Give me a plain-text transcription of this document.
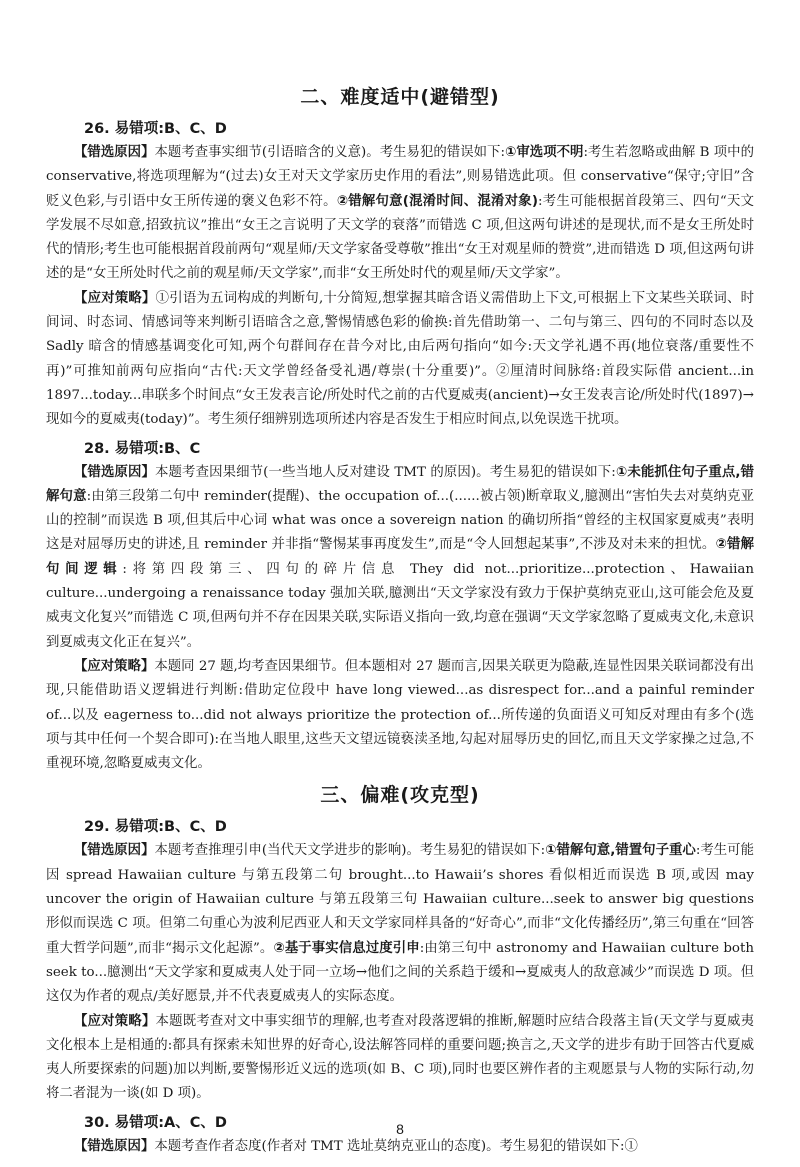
二、难度适中(避错型)

26. 易错项:B、C、D

【错选原因】本题考查事实细节(引语暗含的义意)。考生易犯的错误如下:①审选项不明:考生若忽略或曲解 B 项中的 conservative,将选项理解为“(过去)女王对天文学家历史作用的看法”,则易错选此项。但 conservative“保守;守旧”含贬义色彩,与引语中女王所传递的褒义色彩不符。②错解句意(混淆时间、混淆对象):考生可能根据首段第三、四句“天文学发展不尽如意,招致抗议”推出“女王之言说明了天文学的衰落”而错选 C 项,但这两句讲述的是现状,而不是女王所处时代的情形;考生也可能根据首段前两句“观星师/天文学家备受尊敬”推出“女王对观星师的赞赏”,进而错选 D 项,但这两句讲述的是“女王所处时代之前的观星师/天文学家”,而非“女王所处时代的观星师/天文学家”。

【应对策略】①引语为五词构成的判断句,十分简短,想掌握其暗含语义需借助上下文,可根据上下文某些关联词、时间词、时态词、情感词等来判断引语暗含之意,警惕情感色彩的偷换:首先借助第一、二句与第三、四句的不同时态以及 Sadly 暗含的情感基调变化可知,两个句群间存在昔今对比,由后两句指向“如今:天文学礼遇不再(地位衰落/重要性不再)”可推知前两句应指向“古代:天文学曾经备受礼遇/尊崇(十分重要)”。②厘清时间脉络:首段实际借 ancient...in 1897...today...串联多个时间点“女王发表言论/所处时代之前的古代夏威夷(ancient)→女王发表言论/所处时代(1897)→现如今的夏威夷(today)”。考生须仔细辨别选项所述内容是否发生于相应时间点,以免误选干扰项。

28. 易错项:B、C

【错选原因】本题考查因果细节(一些当地人反对建设 TMT 的原因)。考生易犯的错误如下:①未能抓住句子重点,错解句意:由第三段第二句中 reminder(提醒)、the occupation of...(......被占领)断章取义,臆测出“害怕失去对莫纳克亚山的控制”而误选 B 项,但其后中心词 what was once a sovereign nation 的确切所指“曾经的主权国家夏威夷”表明这是对屈辱历史的讲述,且 reminder 并非指“警惕某事再度发生”,而是“令人回想起某事”,不涉及对未来的担忧。②错解句间逻辑:将第四段第三、四句的碎片信息 They did not...prioritize...protection、Hawaiian culture...undergoing a renaissance today 强加关联,臆测出“天文学家没有致力于保护莫纳克亚山,这可能会危及夏威夷文化复兴”而错选 C 项,但两句并不存在因果关联,实际语义指向一致,均意在强调“天文学家忽略了夏威夷文化,未意识到夏威夷文化正在复兴”。

【应对策略】本题同 27 题,均考查因果细节。但本题相对 27 题而言,因果关联更为隐蔽,连显性因果关联词都没有出现,只能借助语义逻辑进行判断:借助定位段中 have long viewed...as disrespect for...and a painful reminder of...以及 eagerness to...did not always prioritize the protection of...所传递的负面语义可知反对理由有多个(选项与其中任何一个契合即可):在当地人眼里,这些天文望远镜亵渎圣地,勾起对屈辱历史的回忆,而且天文学家操之过急,不重视环境,忽略夏威夷文化。

三、偏难(攻克型)

29. 易错项:B、C、D

【错选原因】本题考查推理引申(当代天文学进步的影响)。考生易犯的错误如下:①错解句意,错置句子重心:考生可能因 spread Hawaiian culture 与第五段第二句 brought...to Hawaii’s shores 看似相近而误选 B 项,或因 may uncover the origin of Hawaiian culture 与第五段第三句 Hawaiian culture...seek to answer big questions 形似而误选 C 项。但第二句重心为波利尼西亚人和天文学家同样具备的“好奇心”,而非“文化传播经历”,第三句重在“回答重大哲学问题”,而非“揭示文化起源”。②基于事实信息过度引申:由第三句中 astronomy and Hawaiian culture both seek to...臆测出“天文学家和夏威夷人处于同一立场→他们之间的关系趋于缓和→夏威夷人的敌意减少”而误选 D 项。但这仅为作者的观点/美好愿景,并不代表夏威夷人的实际态度。

【应对策略】本题既考查对文中事实细节的理解,也考查对段落逻辑的推断,解题时应结合段落主旨(天文学与夏威夷文化根本上是相通的:都具有探索未知世界的好奇心,设法解答同样的重要问题;换言之,天文学的进步有助于回答古代夏威夷人所要探索的问题)加以判断,要警惕形近义远的选项(如 B、C 项),同时也要区辨作者的主观愿景与人物的实际行动,勿将二者混为一谈(如 D 项)。

30. 易错项:A、C、D

【错选原因】本题考查作者态度(作者对 TMT 选址莫纳克亚山的态度)。考生易犯的错误如下:①

8
